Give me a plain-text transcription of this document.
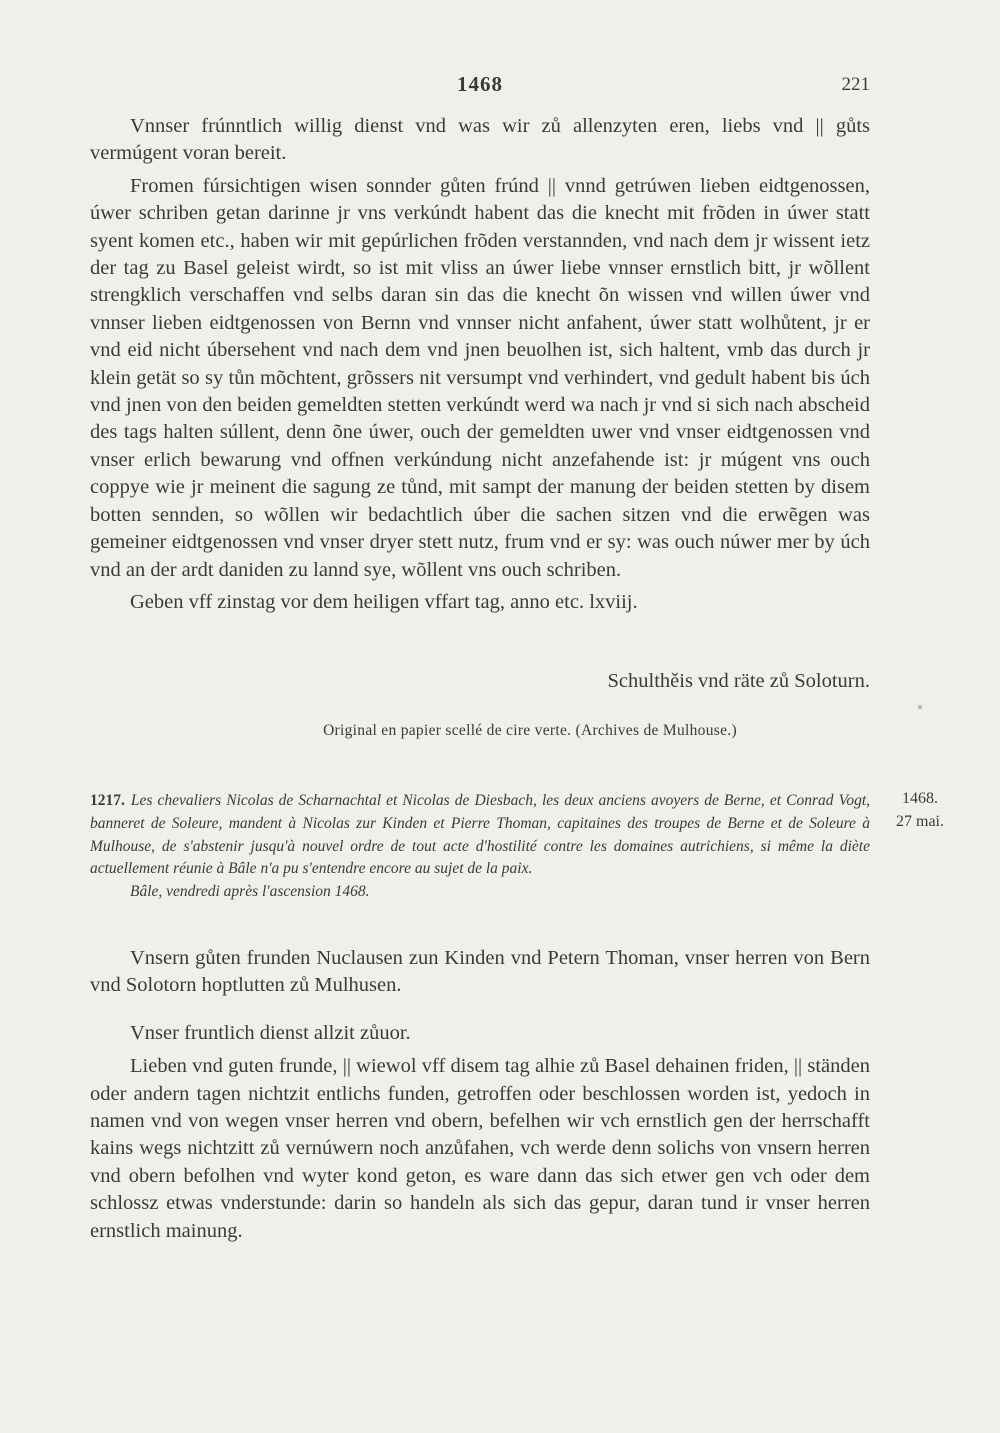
1468	221

Vnnser frúnntlich willig dienst vnd was wir zů allenzyten eren, liebs vnd || gůts vermúgent voran bereit.

Fromen fúrsichtigen wisen sonnder gůten frúnd || vnnd getrúwen lieben eidtgenossen, úwer schriben getan darinne jr vns verkúndt habent das die knecht mit frõden in úwer statt syent komen etc., haben wir mit gepúrlichen frõden verstannden, vnd nach dem jr wissent ietz der tag zu Basel geleist wirdt, so ist mit vliss an úwer liebe vnnser ernstlich bitt, jr wõllent strengklich verschaffen vnd selbs daran sin das die knecht õn wissen vnd willen úwer vnd vnnser lieben eidtgenossen von Bernn vnd vnnser nicht anfahent, úwer statt wolhůtent, jr er vnd eid nicht úbersehent vnd nach dem vnd jnen beuolhen ist, sich haltent, vmb das durch jr klein getät so sy tůn mõchtent, grõssers nit versumpt vnd verhindert, vnd gedult habent bis úch vnd jnen von den beiden gemeldten stetten verkúndt werd wa nach jr vnd si sich nach abscheid des tags halten súllent, denn õne úwer, ouch der gemeldten uwer vnd vnser eidtgenossen vnd vnser erlich bewarung vnd offnen verkúndung nicht anzefahende ist: jr múgent vns ouch coppye wie jr meinent die sagung ze tůnd, mit sampt der manung der beiden stetten by disem botten sennden, so wõllen wir bedachtlich úber die sachen sitzen vnd die erwẽgen was gemeiner eidtgenossen vnd vnser dryer stett nutz, frum vnd er sy: was ouch núwer mer by úch vnd an der ardt daniden zu lannd sye, wõllent vns ouch schriben.

Geben vff zinstag vor dem heiligen vffart tag, anno etc. lxviij.

Schulthěis vnd räte zů Soloturn.
Original en papier scellé de cire verte. (Archives de Mulhouse.)

1217. Les chevaliers Nicolas de Scharnachtal et Nicolas de Diesbach, les deux anciens avoyers de Berne, et Conrad Vogt, banneret de Soleure, mandent à Nicolas zur Kinden et Pierre Thoman, capitaines des troupes de Berne et de Soleure à Mulhouse, de s'abstenir jusqu'à nouvel ordre de tout acte d'hostilité contre les domaines autrichiens, si même la diète actuellement réunie à Bâle n'a pu s'entendre encore au sujet de la paix.

Bâle, vendredi après l'ascension 1468.

1468.
27 mai.

Vnsern gůten frunden Nuclausen zun Kinden vnd Petern Thoman, vnser herren von Bern vnd Solotorn hoptlutten zů Mulhusen.

Vnser fruntlich dienst allzit zůuor.

Lieben vnd guten frunde, || wiewol vff disem tag alhie zů Basel dehainen friden, || ständen oder andern tagen nichtzit entlichs funden, getroffen oder beschlossen worden ist, yedoch in namen vnd von wegen vnser herren vnd obern, befelhen wir vch ernstlich gen der herrschafft kains wegs nichtzitt zů vernúwern noch anzůfahen, vch werde denn solichs von vnsern herren vnd obern befolhen vnd wyter kond geton, es ware dann das sich etwer gen vch oder dem schlossz etwas vnderstunde: darin so handeln als sich das gepur, daran tund ir vnser herren ernstlich mainung.
